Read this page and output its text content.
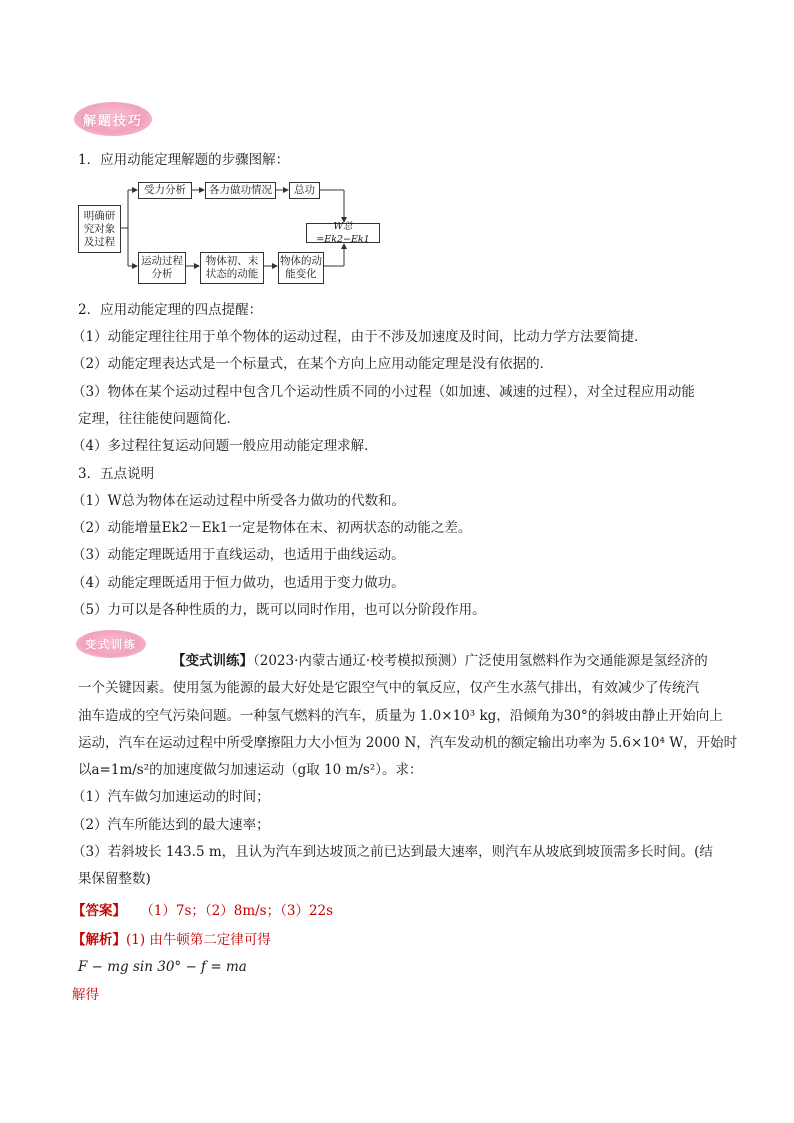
解题技巧
1．应用动能定理解题的步骤图解：
明确研究对象及过程
受力分析	各力做功情况	总功
运动过程分析
物体初、末状态的动能
物体的动能变化
W总=Ek2−Ek1
2．应用动能定理的四点提醒：
（1）动能定理往往用于单个物体的运动过程，由于不涉及加速度及时间，比动力学方法要简捷．
（2）动能定理表达式是一个标量式，在某个方向上应用动能定理是没有依据的．
（3）物体在某个运动过程中包含几个运动性质不同的小过程（如加速、减速的过程），对全过程应用动能
定理，往往能使问题简化．
（4）多过程往复运动问题一般应用动能定理求解．
3．五点说明
（1）W总为物体在运动过程中所受各力做功的代数和。
（2）动能增量Ek2－Ek1一定是物体在末、初两状态的动能之差。
（3）动能定理既适用于直线运动，也适用于曲线运动。
（4）动能定理既适用于恒力做功，也适用于变力做功。
（5）力可以是各种性质的力，既可以同时作用，也可以分阶段作用。
变式训练
【变式训练】（2023·内蒙古通辽·校考模拟预测）广泛使用氢燃料作为交通能源是氢经济的
一个关键因素。使用氢为能源的最大好处是它跟空气中的氧反应，仅产生水蒸气排出，有效减少了传统汽
油车造成的空气污染问题。一种氢气燃料的汽车，质量为 1.0×10³ kg，沿倾角为30°的斜坡由静止开始向上
运动，汽车在运动过程中所受摩擦阻力大小恒为 2000 N，汽车发动机的额定输出功率为 5.6×10⁴ W，开始时
以a=1m/s²的加速度做匀加速运动（g取 10 m/s²）。求：
（1）汽车做匀加速运动的时间；
（2）汽车所能达到的最大速率；
（3）若斜坡长 143.5 m，且认为汽车到达坡顶之前已达到最大速率，则汽车从坡底到坡顶需多长时间。(结
果保留整数)
【答案】 （1）7s；（2）8m/s；（3）22s
【解析】(1) 由牛顿第二定律可得
F − mg sin 30° − f = ma
解得
